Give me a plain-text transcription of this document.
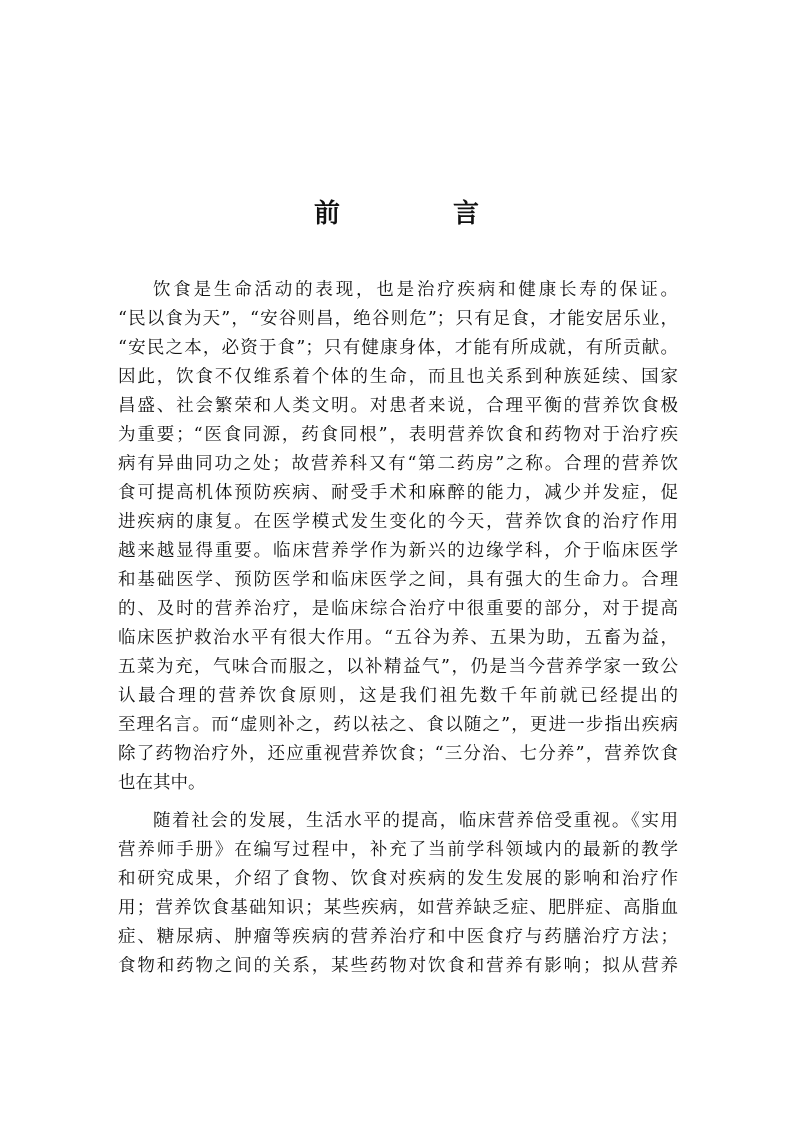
前 言
饮食是生命活动的表现，也是治疗疾病和健康长寿的保证。
“民以食为天”，“安谷则昌，绝谷则危”；只有足食，才能安居乐业，
“安民之本，必资于食”；只有健康身体，才能有所成就，有所贡献。
因此，饮食不仅维系着个体的生命，而且也关系到种族延续、国家
昌盛、社会繁荣和人类文明。对患者来说，合理平衡的营养饮食极
为重要；“医食同源，药食同根”，表明营养饮食和药物对于治疗疾
病有异曲同功之处；故营养科又有“第二药房”之称。合理的营养饮
食可提高机体预防疾病、耐受手术和麻醉的能力，减少并发症，促
进疾病的康复。在医学模式发生变化的今天，营养饮食的治疗作用
越来越显得重要。临床营养学作为新兴的边缘学科，介于临床医学
和基础医学、预防医学和临床医学之间，具有强大的生命力。合理
的、及时的营养治疗，是临床综合治疗中很重要的部分，对于提高
临床医护救治水平有很大作用。“五谷为养、五果为助，五畜为益，
五菜为充，气味合而服之，以补精益气”，仍是当今营养学家一致公
认最合理的营养饮食原则，这是我们祖先数千年前就已经提出的
至理名言。而“虚则补之，药以祛之、食以随之”，更进一步指出疾病
除了药物治疗外，还应重视营养饮食；“三分治、七分养”，营养饮食
也在其中。
随着社会的发展，生活水平的提高，临床营养倍受重视。《实用
营养师手册》在编写过程中，补充了当前学科领域内的最新的教学
和研究成果，介绍了食物、饮食对疾病的发生发展的影响和治疗作
用；营养饮食基础知识；某些疾病，如营养缺乏症、肥胖症、高脂血
症、糖尿病、肿瘤等疾病的营养治疗和中医食疗与药膳治疗方法；
食物和药物之间的关系，某些药物对饮食和营养有影响；拟从营养
